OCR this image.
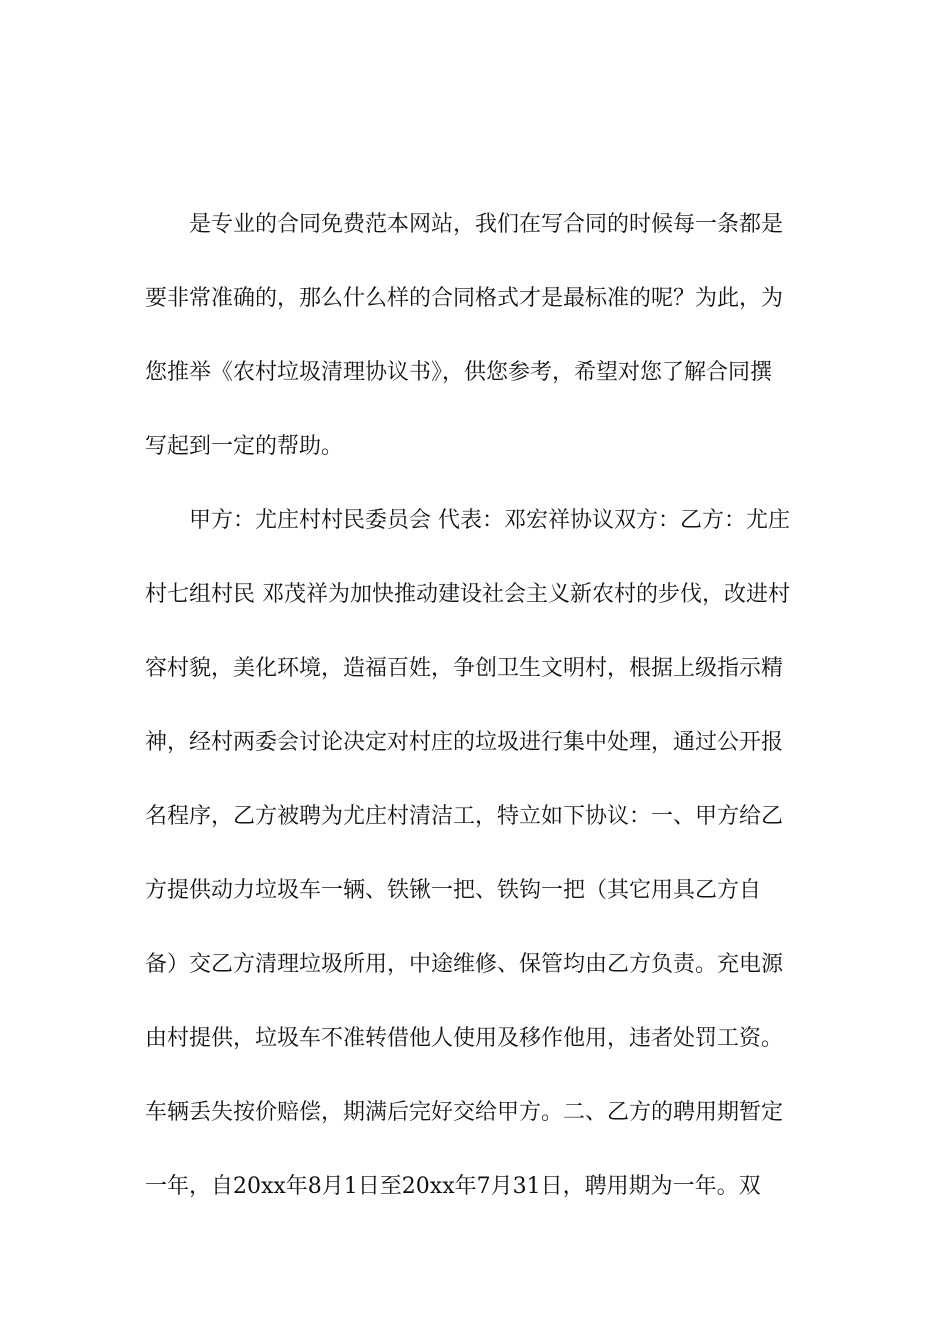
是专业的合同免费范本网站，我们在写合同的时候每一条都是
要非常准确的，那么什么样的合同格式才是最标准的呢？为此，为
您推举《农村垃圾清理协议书》，供您参考，希望对您了解合同撰
写起到一定的帮助。
甲方：尤庄村村民委员会 代表：邓宏祥协议双方：乙方：尤庄
村七组村民 邓茂祥为加快推动建设社会主义新农村的步伐，改进村
容村貌，美化环境，造福百姓，争创卫生文明村，根据上级指示精
神，经村两委会讨论决定对村庄的垃圾进行集中处理，通过公开报
名程序，乙方被聘为尤庄村清洁工，特立如下协议：一、甲方给乙
方提供动力垃圾车一辆、铁锹一把、铁钩一把（其它用具乙方自
备）交乙方清理垃圾所用，中途维修、保管均由乙方负责。充电源
由村提供，垃圾车不准转借他人使用及移作他用，违者处罚工资。
车辆丢失按价赔偿，期满后完好交给甲方。二、乙方的聘用期暂定
一年，自20xx年8月1日至20xx年7月31日，聘用期为一年。双
